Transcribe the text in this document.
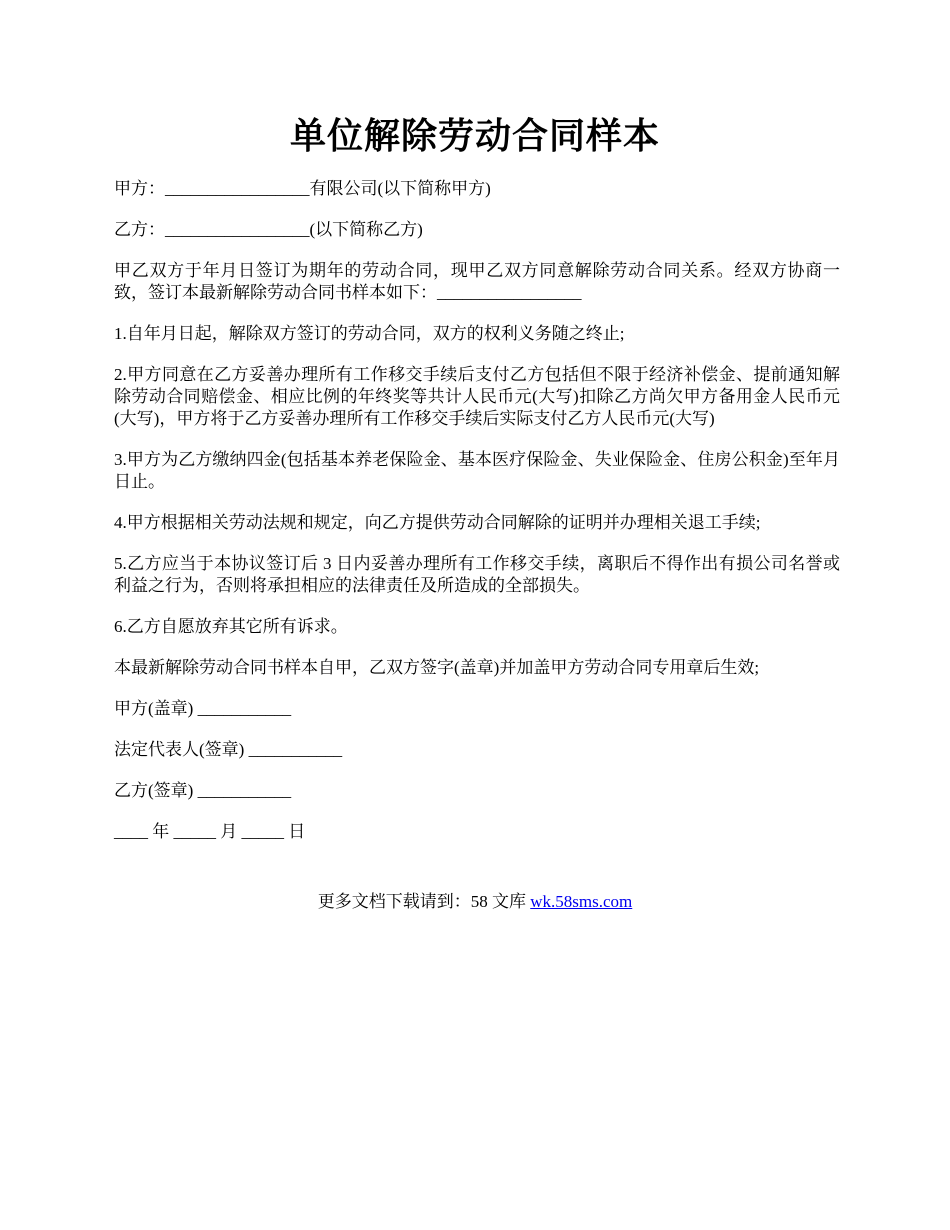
单位解除劳动合同样本

甲方：_________________有限公司(以下简称甲方)

乙方：_________________(以下简称乙方)

甲乙双方于年月日签订为期年的劳动合同，现甲乙双方同意解除劳动合同关系。经双方协商一致，签订本最新解除劳动合同书样本如下：_________________

1.自年月日起，解除双方签订的劳动合同，双方的权利义务随之终止;

2.甲方同意在乙方妥善办理所有工作移交手续后支付乙方包括但不限于经济补偿金、提前通知解除劳动合同赔偿金、相应比例的年终奖等共计人民币元(大写)扣除乙方尚欠甲方备用金人民币元(大写)，甲方将于乙方妥善办理所有工作移交手续后实际支付乙方人民币元(大写)

3.甲方为乙方缴纳四金(包括基本养老保险金、基本医疗保险金、失业保险金、住房公积金)至年月日止。

4.甲方根据相关劳动法规和规定，向乙方提供劳动合同解除的证明并办理相关退工手续;

5.乙方应当于本协议签订后 3 日内妥善办理所有工作移交手续，离职后不得作出有损公司名誉或利益之行为，否则将承担相应的法律责任及所造成的全部损失。

6.乙方自愿放弃其它所有诉求。

本最新解除劳动合同书样本自甲，乙双方签字(盖章)并加盖甲方劳动合同专用章后生效;

甲方(盖章) ___________

法定代表人(签章) ___________

乙方(签章) ___________

____ 年 _____ 月 _____ 日

更多文档下载请到：58 文库 wk.58sms.com
